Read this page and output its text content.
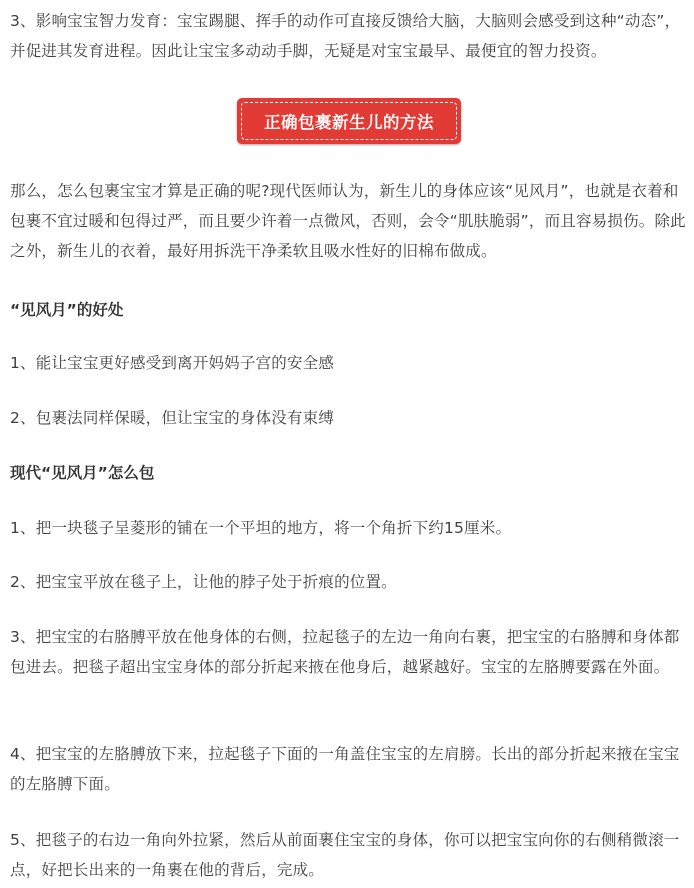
3、影响宝宝智力发育：宝宝踢腿、挥手的动作可直接反馈给大脑，大脑则会感受到这种“动态”，并促进其发育进程。因此让宝宝多动动手脚，无疑是对宝宝最早、最便宜的智力投资。

正确包裹新生儿的方法

那么，怎么包裹宝宝才算是正确的呢?现代医师认为，新生儿的身体应该“见风月”，也就是衣着和包裹不宜过暖和包得过严，而且要少许着一点微风，否则，会令“肌肤脆弱”，而且容易损伤。除此之外，新生儿的衣着，最好用拆洗干净柔软且吸水性好的旧棉布做成。

“见风月”的好处

1、能让宝宝更好感受到离开妈妈子宫的安全感

2、包裹法同样保暖，但让宝宝的身体没有束缚

现代“见风月”怎么包

1、把一块毯子呈菱形的铺在一个平坦的地方，将一个角折下约15厘米。

2、把宝宝平放在毯子上，让他的脖子处于折痕的位置。

3、把宝宝的右胳膊平放在他身体的右侧，拉起毯子的左边一角向右裹，把宝宝的右胳膊和身体都包进去。把毯子超出宝宝身体的部分折起来掖在他身后，越紧越好。宝宝的左胳膊要露在外面。

4、把宝宝的左胳膊放下来，拉起毯子下面的一角盖住宝宝的左肩膀。长出的部分折起来掖在宝宝的左胳膊下面。

5、把毯子的右边一角向外拉紧，然后从前面裹住宝宝的身体，你可以把宝宝向你的右侧稍微滚一点，好把长出来的一角裹在他的背后，完成。
